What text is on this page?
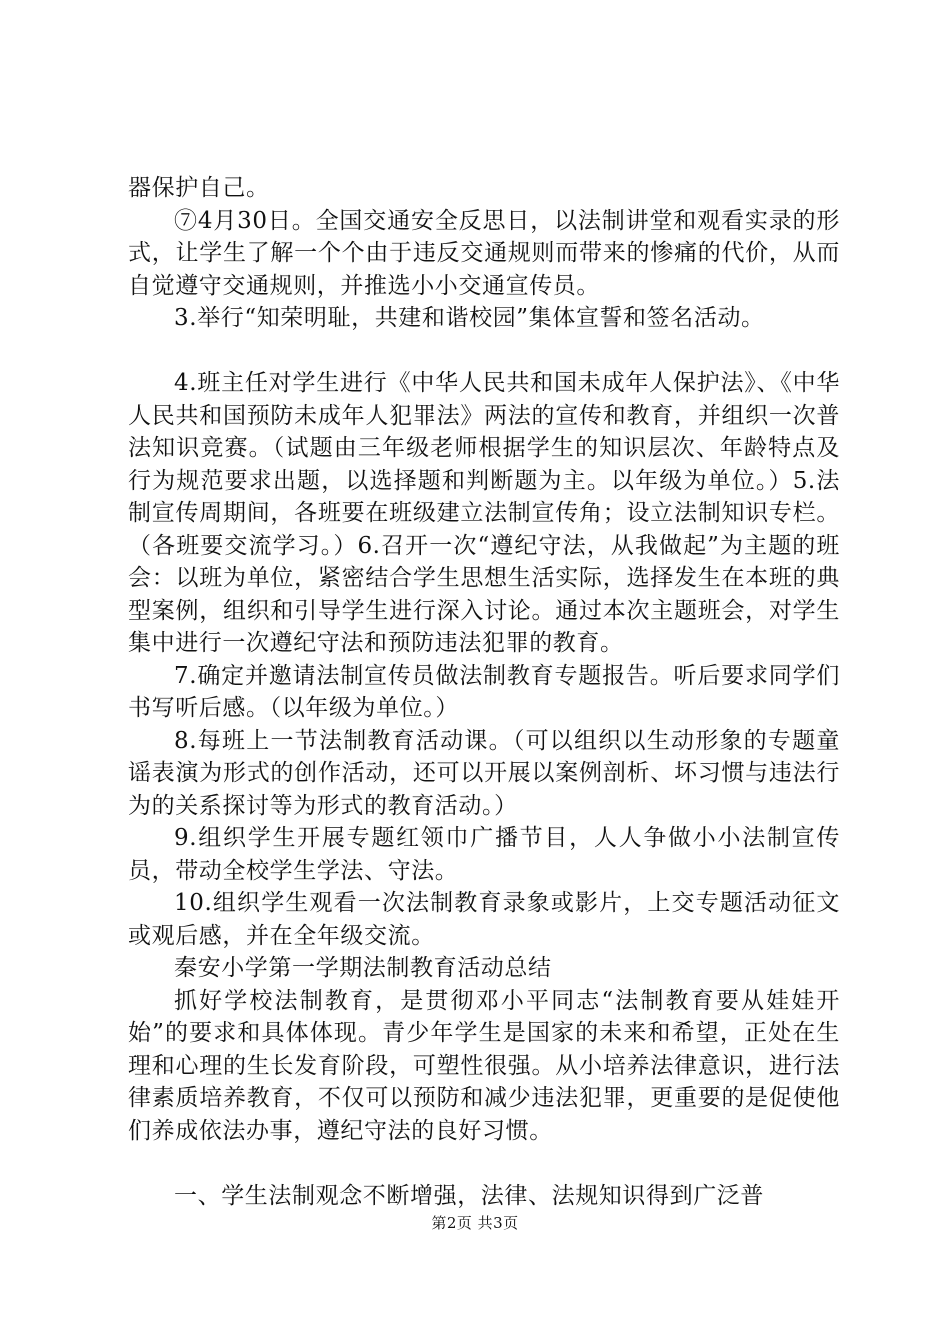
器保护自己。

⑦4月30日。全国交通安全反思日，以法制讲堂和观看实录的形式，让学生了解一个个由于违反交通规则而带来的惨痛的代价，从而自觉遵守交通规则，并推选小小交通宣传员。

3.举行“知荣明耻，共建和谐校园”集体宣誓和签名活动。

4.班主任对学生进行《中华人民共和国未成年人保护法》、《中华人民共和国预防未成年人犯罪法》两法的宣传和教育，并组织一次普法知识竞赛。（试题由三年级老师根据学生的知识层次、年龄特点及行为规范要求出题，以选择题和判断题为主。以年级为单位。）5.法制宣传周期间，各班要在班级建立法制宣传角；设立法制知识专栏。（各班要交流学习。）6.召开一次“遵纪守法，从我做起”为主题的班会：以班为单位，紧密结合学生思想生活实际，选择发生在本班的典型案例，组织和引导学生进行深入讨论。通过本次主题班会，对学生集中进行一次遵纪守法和预防违法犯罪的教育。

7.确定并邀请法制宣传员做法制教育专题报告。听后要求同学们书写听后感。（以年级为单位。）

8.每班上一节法制教育活动课。（可以组织以生动形象的专题童谣表演为形式的创作活动，还可以开展以案例剖析、坏习惯与违法行为的关系探讨等为形式的教育活动。）

9.组织学生开展专题红领巾广播节目，人人争做小小法制宣传员，带动全校学生学法、守法。

10.组织学生观看一次法制教育录象或影片，上交专题活动征文或观后感，并在全年级交流。

秦安小学第一学期法制教育活动总结

抓好学校法制教育，是贯彻邓小平同志“法制教育要从娃娃开始”的要求和具体体现。青少年学生是国家的未来和希望，正处在生理和心理的生长发育阶段，可塑性很强。从小培养法律意识，进行法律素质培养教育，不仅可以预防和减少违法犯罪，更重要的是促使他们养成依法办事，遵纪守法的良好习惯。

一、学生法制观念不断增强，法律、法规知识得到广泛普

第2页 共3页
